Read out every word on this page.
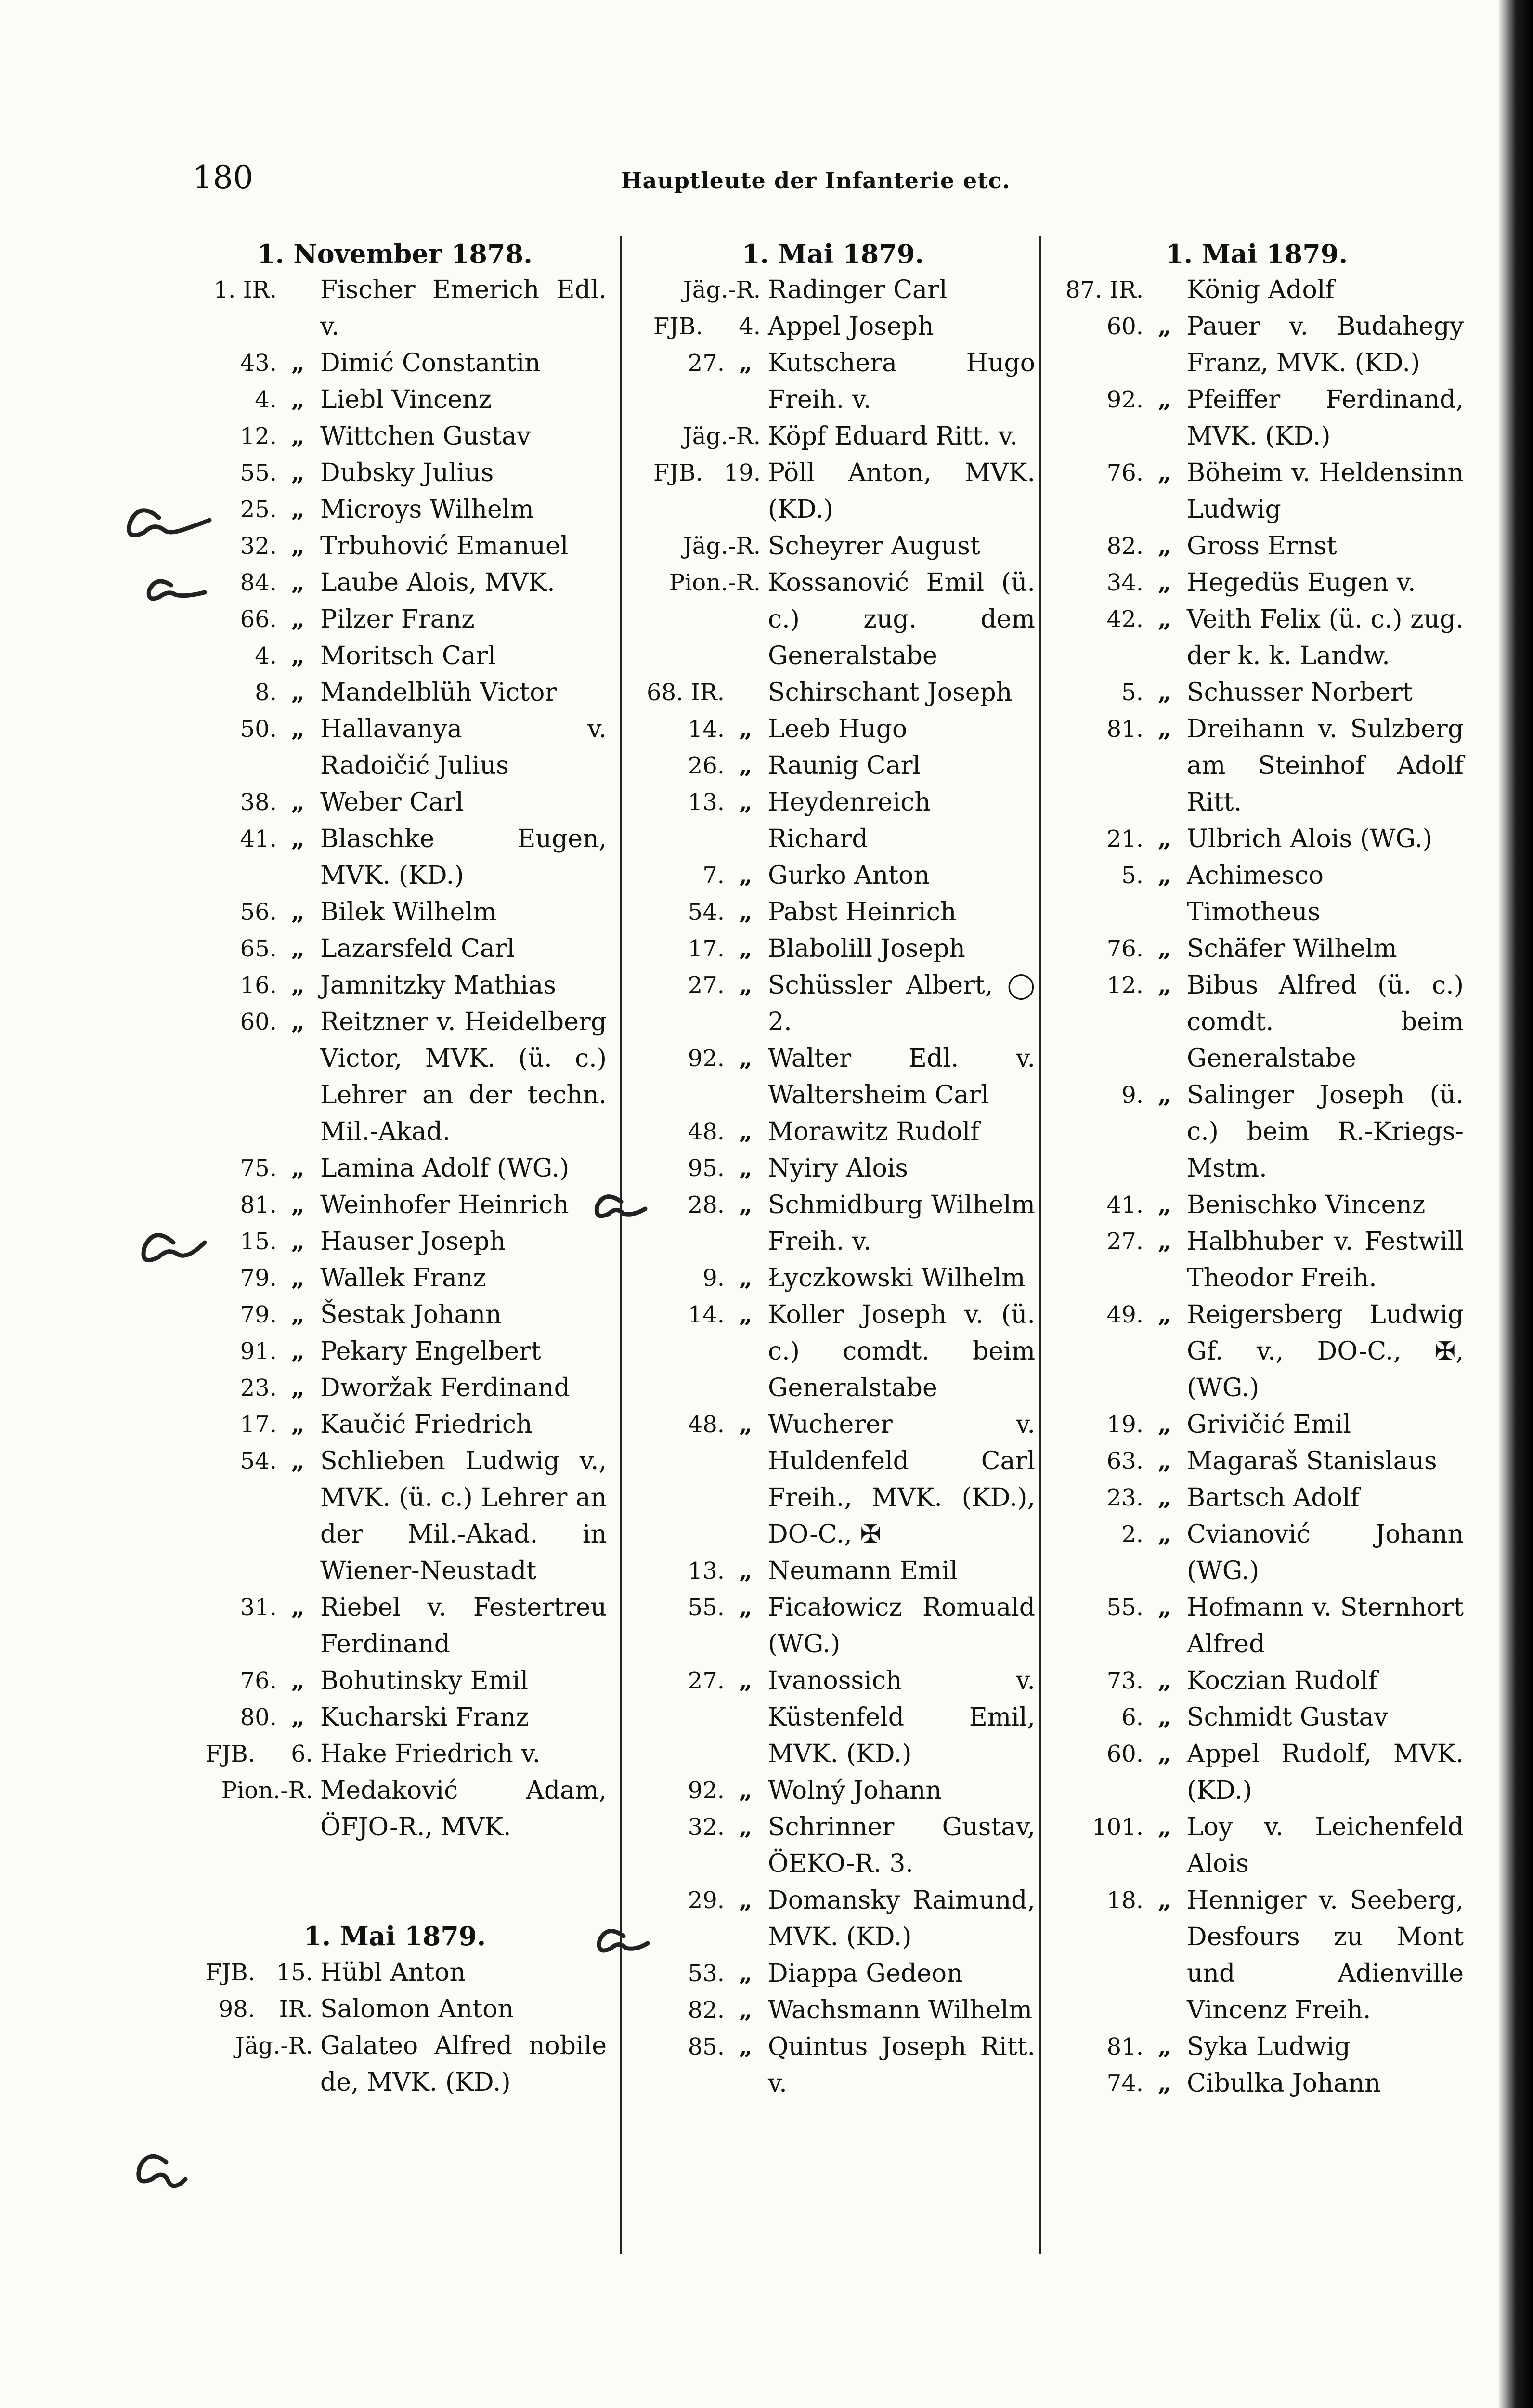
180	Hauptleute der Infanterie etc.
1. November 1878.
1. IR. Fischer Emerich Edl. v.
43. „ Dimić Constantin
4. „ Liebl Vincenz
12. „ Wittchen Gustav
55. „ Dubsky Julius
25. „ Microys Wilhelm
32. „ Trbuhović Emanuel
84. „ Laube Alois, MVK.
66. „ Pilzer Franz
4. „ Moritsch Carl
8. „ Mandelblüh Victor
50. „ Hallavanya v. Radoičić Julius
38. „ Weber Carl
41. „ Blaschke Eugen, MVK. (KD.)
56. „ Bilek Wilhelm
65. „ Lazarsfeld Carl
16. „ Jamnitzky Mathias
60. „ Reitzner v. Heidelberg Victor, MVK. (ü. c.) Lehrer an der techn. Mil.-Akad.
75. „ Lamina Adolf (WG.)
81. „ Weinhofer Heinrich
15. „ Hauser Joseph
79. „ Wallek Franz
79. „ Šestak Johann
91. „ Pekary Engelbert
23. „ Dworžak Ferdinand
17. „ Kaučić Friedrich
54. „ Schlieben Ludwig v., MVK. (ü. c.) Lehrer an der Mil.-Akad. in Wiener-Neustadt
31. „ Riebel v. Festertreu Ferdinand
76. „ Bohutinsky Emil
80. „ Kucharski Franz
FJB.	6. Hake Friedrich v.
Pion.-R. Medaković Adam, ÖFJO-R., MVK.
1. Mai 1879.
FJB. 15. Hübl Anton
98.	IR. Salomon Anton
Jäg.-R. Galateo Alfred nobile de, MVK. (KD.)
1. Mai 1879.
Jäg.-R. Radinger Carl
FJB.	4. Appel Joseph
27. „ Kutschera Hugo Freih. v.
Jäg.-R. Köpf Eduard Ritt. v.
FJB. 19. Pöll Anton, MVK. (KD.)
Jäg.-R. Scheyrer August
Pion.-R. Kossanović Emil (ü. c.) zug. dem Generalstabe
68. IR. Schirschant Joseph
14. „ Leeb Hugo
26. „ Raunig Carl
13. „ Heydenreich Richard
7. „ Gurko Anton
54. „ Pabst Heinrich
17. „ Blabolill Joseph
27. „ Schüssler Albert, ◯ 2.
92. „ Walter Edl. v. Waltersheim Carl
48. „ Morawitz Rudolf
95. „ Nyiry Alois
28. „ Schmidburg Wilhelm Freih. v.
9. „ Łyczkowski Wilhelm
14. „ Koller Joseph v. (ü. c.) comdt. beim Generalstabe
48. „ Wucherer v. Huldenfeld Carl Freih., MVK. (KD.), DO-C., ✠
13. „ Neumann Emil
55. „ Ficałowicz Romuald (WG.)
27. „ Ivanossich v. Küstenfeld Emil, MVK. (KD.)
92. „ Wolný Johann
32. „ Schrinner Gustav, ÖEKO-R. 3.
29. „ Domansky Raimund, MVK. (KD.)
53. „ Diappa Gedeon
82. „ Wachsmann Wilhelm
85. „ Quintus Joseph Ritt. v.
1. Mai 1879.
87. IR. König Adolf
60. „ Pauer v. Budahegy Franz, MVK. (KD.)
92. „ Pfeiffer Ferdinand, MVK. (KD.)
76. „ Böheim v. Heldensinn Ludwig
82. „ Gross Ernst
34. „ Hegedüs Eugen v.
42. „ Veith Felix (ü. c.) zug. der k. k. Landw.
5. „ Schusser Norbert
81. „ Dreihann v. Sulzberg am Steinhof Adolf Ritt.
21. „ Ulbrich Alois (WG.)
5. „ Achimesco Timotheus
76. „ Schäfer Wilhelm
12. „ Bibus Alfred (ü. c.) comdt. beim Generalstabe
9. „ Salinger Joseph (ü. c.) beim R.-Kriegs-Mstm.
41. „ Benischko Vincenz
27. „ Halbhuber v. Festwill Theodor Freih.
49. „ Reigersberg Ludwig Gf. v., DO-C., ✠, (WG.)
19. „ Grivičić Emil
63. „ Magaraš Stanislaus
23. „ Bartsch Adolf
2. „ Cvianović Johann (WG.)
55. „ Hofmann v. Sternhort Alfred
73. „ Koczian Rudolf
6. „ Schmidt Gustav
60. „ Appel Rudolf, MVK. (KD.)
101. „ Loy v. Leichenfeld Alois
18. „ Henniger v. Seeberg, Desfours zu Mont und Adienville Vincenz Freih.
81. „ Syka Ludwig
74. „ Cibulka Johann
